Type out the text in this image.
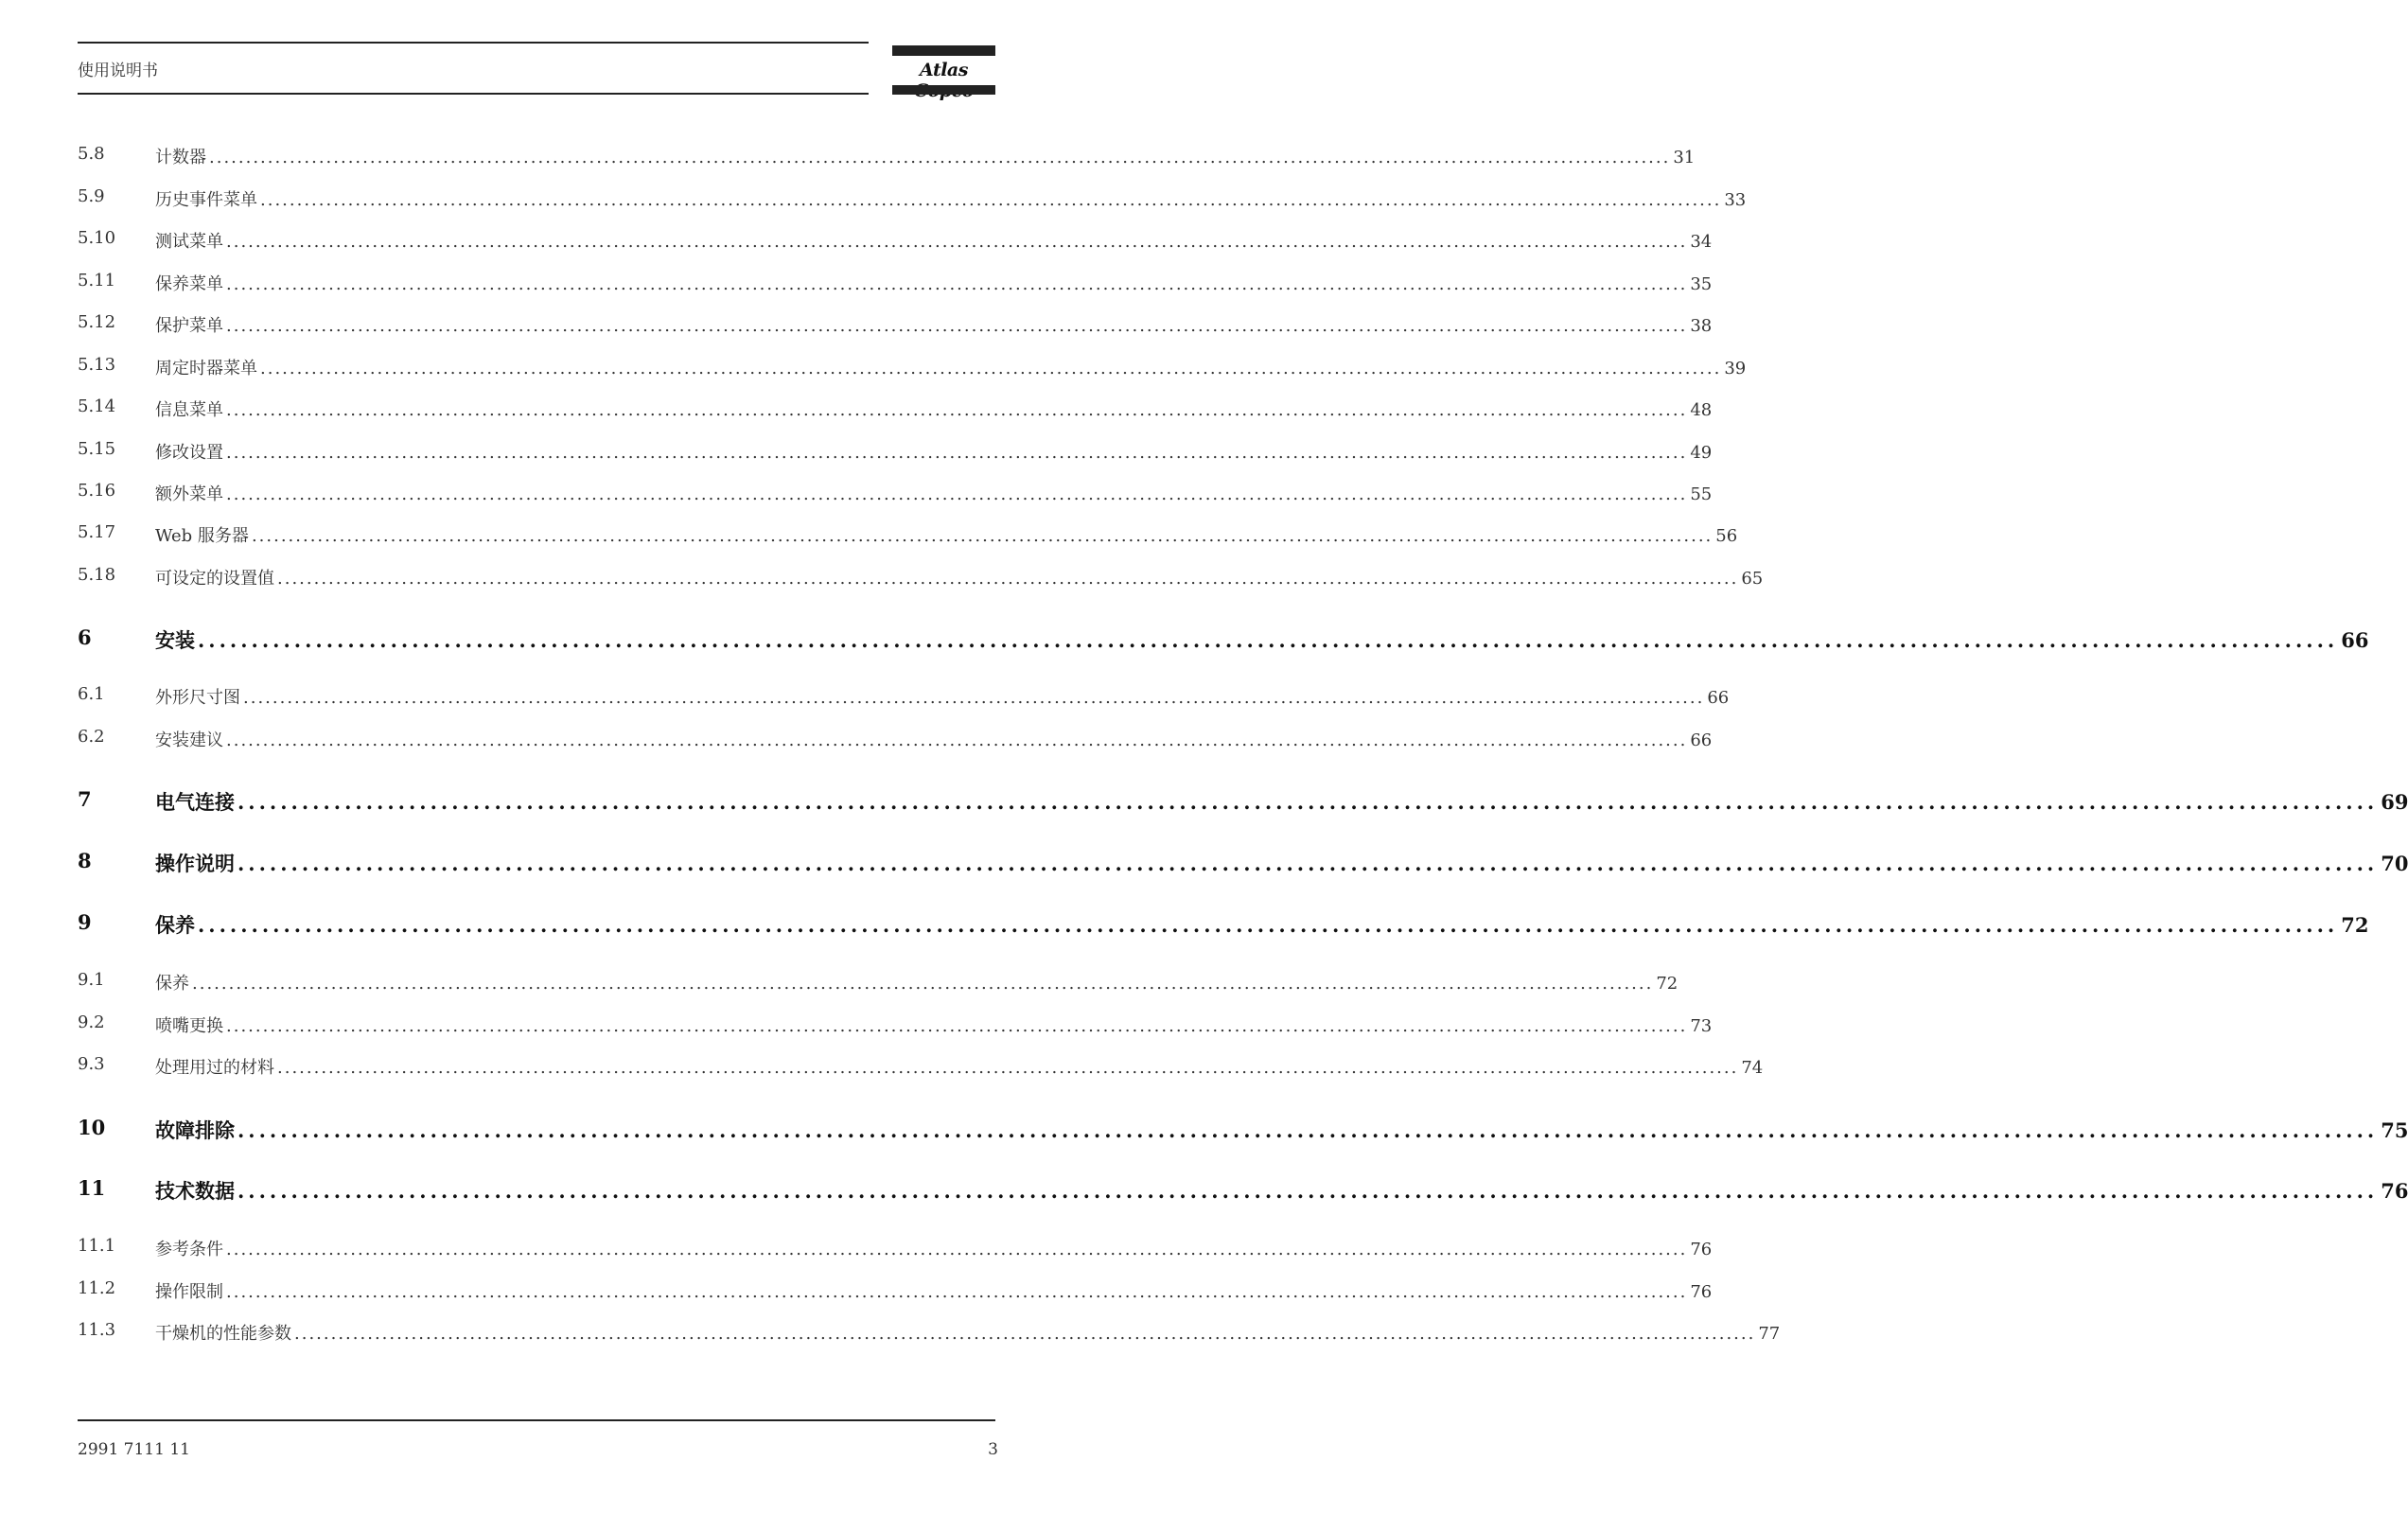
使用说明书	Atlas
5.8	计数器 ........................................................................................................................................................................................................ 31
5.9	历史事件菜单 ........................................................................................................................................................................................................ 33
5.10 测试菜单 ........................................................................................................................................................................................................ 34
5.11 保养菜单 ........................................................................................................................................................................................................ 35
5.12 保护菜单 ........................................................................................................................................................................................................ 38
5.13 周定时器菜单 ........................................................................................................................................................................................................ 39
5.14 信息菜单 ........................................................................................................................................................................................................ 48
5.15 修改设置 ........................................................................................................................................................................................................ 49
5.16 额外菜单 ........................................................................................................................................................................................................ 55
5.17 Web 服务器 ........................................................................................................................................................................................................ 56
5.18 可设定的设置值 ........................................................................................................................................................................................................ 65
6	安装 ........................................................................................................................................................................................................ 66
6.1	外形尺寸图 ........................................................................................................................................................................................................ 66
6.2	安装建议 ........................................................................................................................................................................................................ 66
7	电气连接 ........................................................................................................................................................................................................ 69
8	操作说明 ........................................................................................................................................................................................................ 70
9	保养 ........................................................................................................................................................................................................ 72
9.1	保养 ........................................................................................................................................................................................................ 72
9.2	喷嘴更换 ........................................................................................................................................................................................................ 73
9.3	处理用过的材料 ........................................................................................................................................................................................................ 74
10	故障排除 ........................................................................................................................................................................................................ 75
11	技术数据 ........................................................................................................................................................................................................ 76
11.1 参考条件 ........................................................................................................................................................................................................ 76
11.2 操作限制 ........................................................................................................................................................................................................ 76
11.3 干燥机的性能参数 ........................................................................................................................................................................................................ 77
2991 7111 11	3
